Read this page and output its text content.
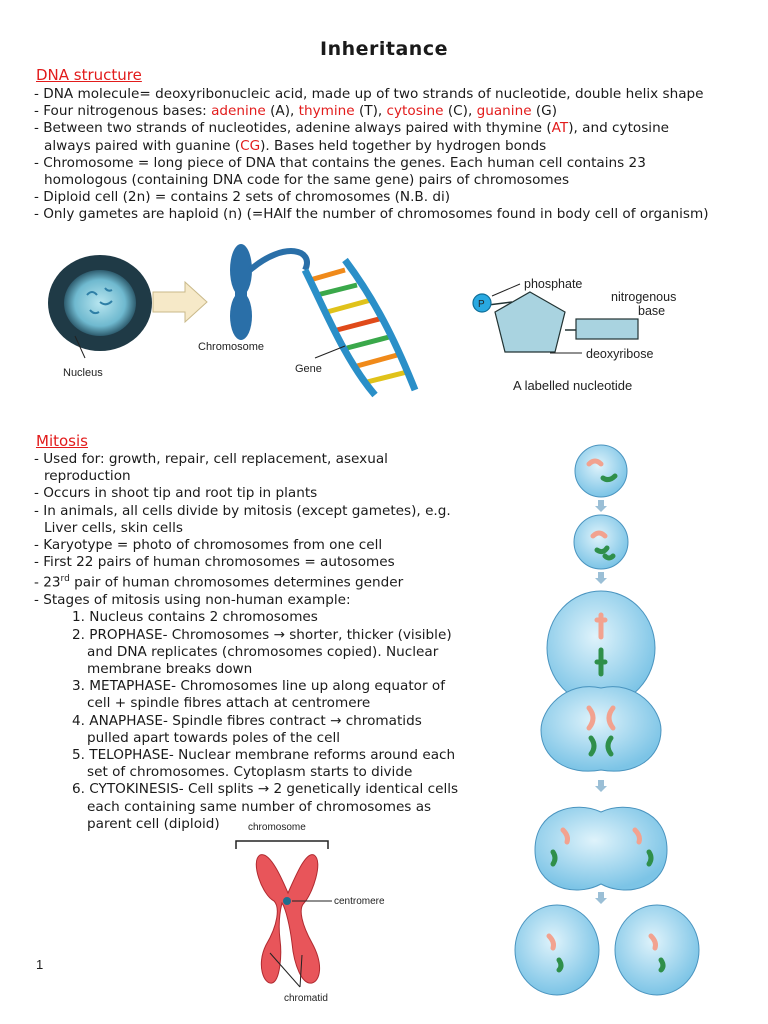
Inheritance
DNA structure
- DNA molecule= deoxyribonucleic acid, made up of two strands of nucleotide, double helix shape
- Four nitrogenous bases: adenine (A), thymine (T), cytosine (C), guanine (G)
- Between two strands of nucleotides, adenine always paired with thymine (AT), and cytosine
always paired with guanine (CG). Bases held together by hydrogen bonds
- Chromosome = long piece of DNA that contains the genes. Each human cell contains 23
homologous (containing DNA code for the same gene) pairs of chromosomes
- Diploid cell (2n) = contains 2 sets of chromosomes (N.B. di)
- Only gametes are haploid (n) (=HAlf the number of chromosomes found in body cell of organism)
Nucleus
Chromosome
Gene
P
phosphate
nitrogenous
base
deoxyribose
A labelled nucleotide
Mitosis
- Used for: growth, repair, cell replacement, asexual
reproduction
- Occurs in shoot tip and root tip in plants
- In animals, all cells divide by mitosis (except gametes), e.g.
Liver cells, skin cells
- Karyotype = photo of chromosomes from one cell
- First 22 pairs of human chromosomes = autosomes
- 23rd pair of human chromosomes determines gender
- Stages of mitosis using non-human example:
1. Nucleus contains 2 chromosomes
2. PROPHASE- Chromosomes → shorter, thicker (visible)
and DNA replicates (chromosomes copied). Nuclear
membrane breaks down
3. METAPHASE- Chromosomes line up along equator of
cell + spindle fibres attach at centromere
4. ANAPHASE- Spindle fibres contract → chromatids
pulled apart towards poles of the cell
5. TELOPHASE- Nuclear membrane reforms around each
set of chromosomes. Cytoplasm starts to divide
6. CYTOKINESIS- Cell splits → 2 genetically identical cells
each containing same number of chromosomes as
parent cell (diploid)	chromosome
centromere
chromatid
1
